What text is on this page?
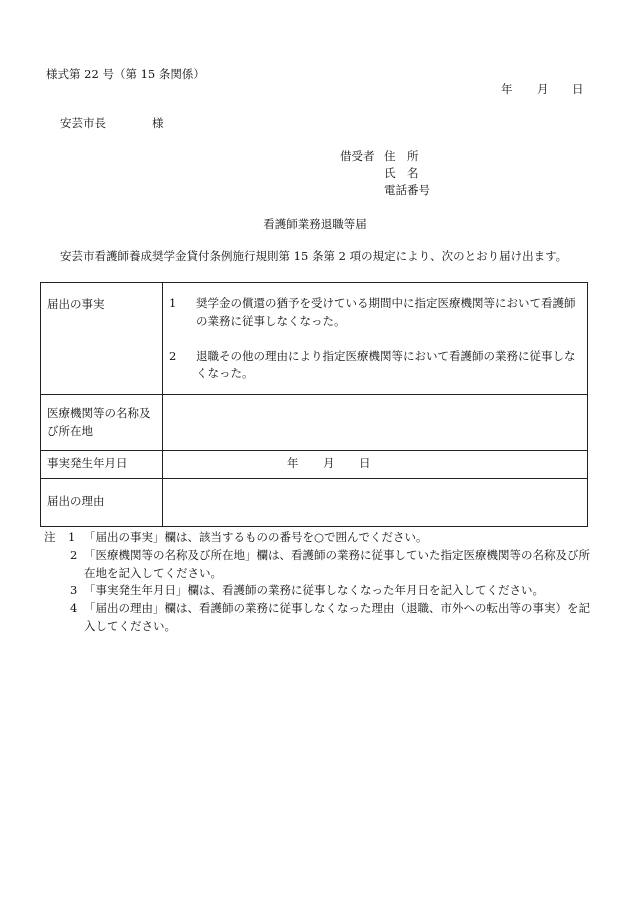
様式第 22 号（第 15 条関係）
年 月 日
安芸市長	様
借受者 住　所
氏　名
電話番号
看護師業務退職等届
安芸市看護師養成奨学金貸付条例施行規則第 15 条第 2 項の規定により、次のとおり届け出ます。
届出の事実	1 奨学金の償還の猶予を受けている期間中に指定医療機関等において看護師の業務に従事しなくなった。
2 退職その他の理由により指定医療機関等において看護師の業務に従事しなくなった。

医療機関等の名称及び所在地	

事実発生年月日	年 月 日

届出の理由	

注	1 「届出の事実」欄は、該当するものの番号を○で囲んでください。
2 「医療機関等の名称及び所在地」欄は、看護師の業務に従事していた指定医療機関等の名称及び所在地を記入してください。
3 「事実発生年月日」欄は、看護師の業務に従事しなくなった年月日を記入してください。
4 「届出の理由」欄は、看護師の業務に従事しなくなった理由（退職、市外への転出等の事実）を記入してください。
